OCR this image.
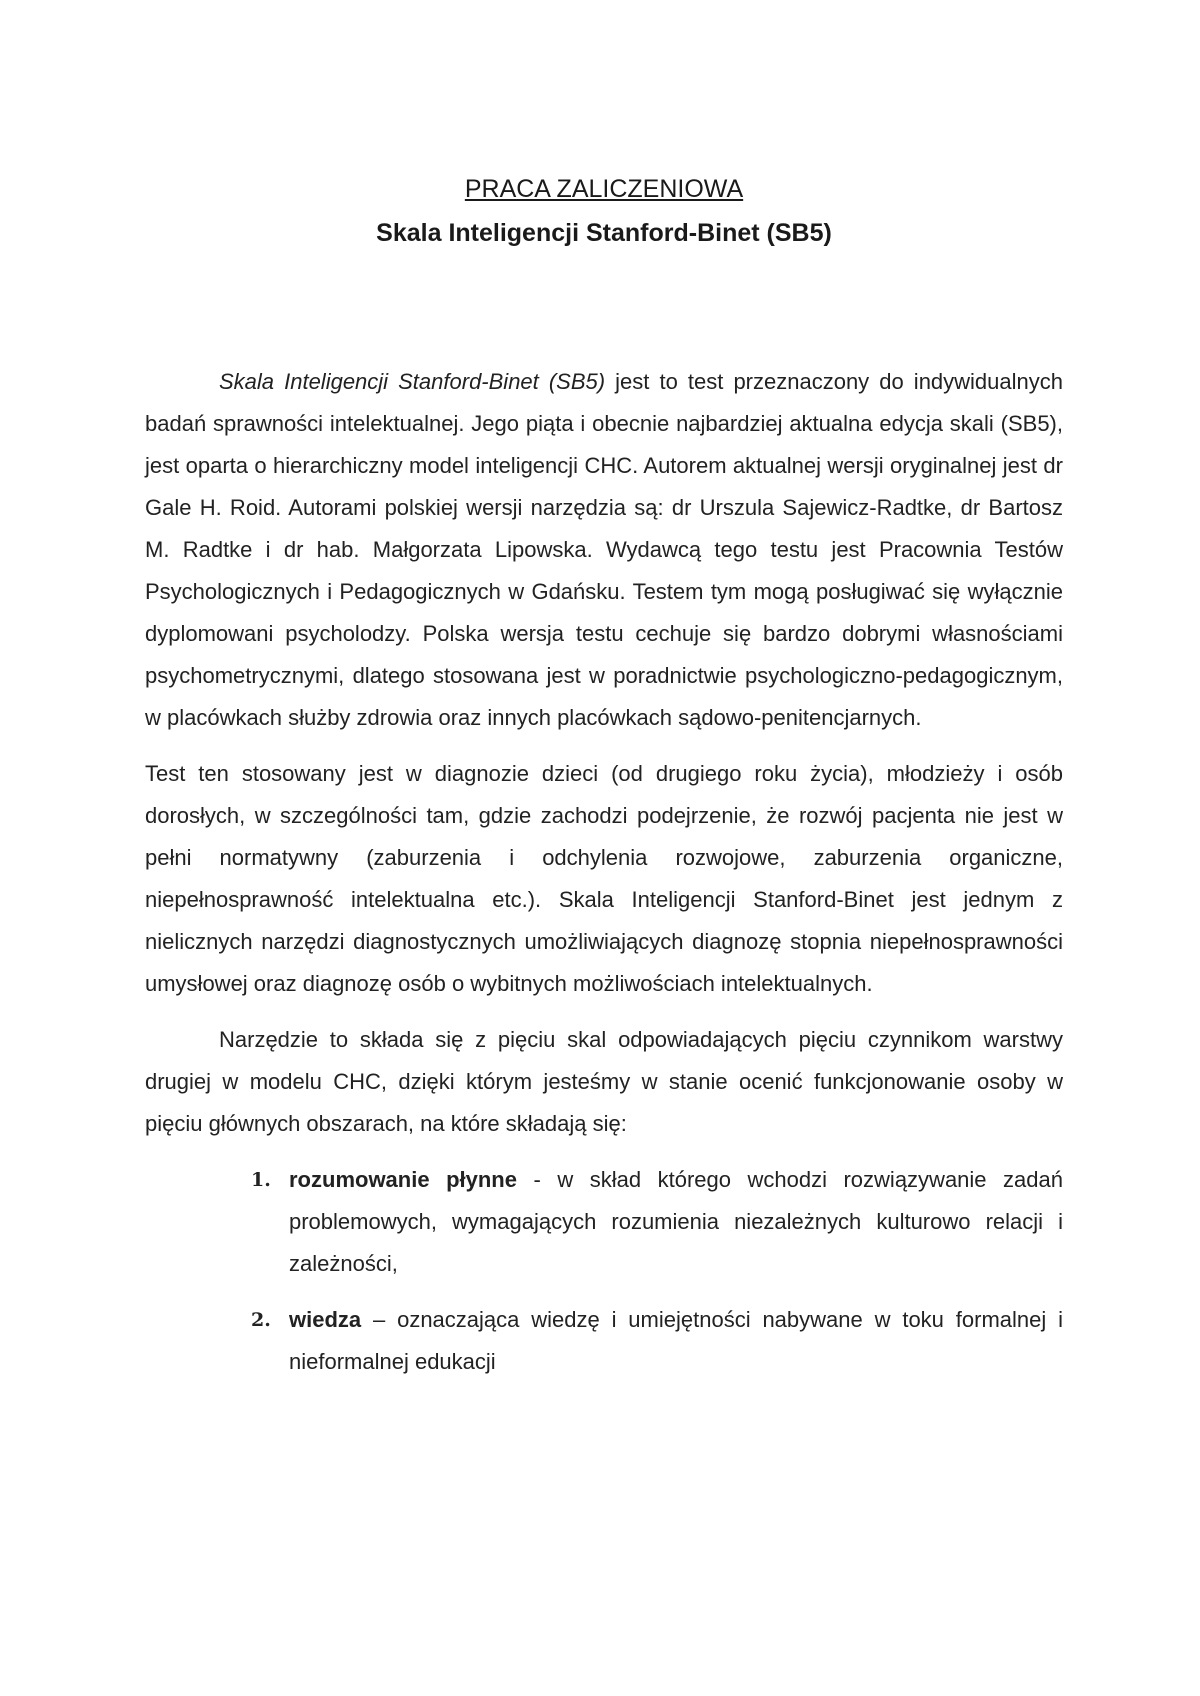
PRACA ZALICZENIOWA
Skala Inteligencji Stanford-Binet (SB5)

Skala Inteligencji Stanford-Binet (SB5) jest to test przeznaczony do indywidualnych badań sprawności intelektualnej. Jego piąta i obecnie najbardziej aktualna edycja skali (SB5), jest oparta o hierarchiczny model inteligencji CHC. Autorem aktualnej wersji oryginalnej jest dr Gale H. Roid. Autorami polskiej wersji narzędzia są: dr Urszula Sajewicz-Radtke, dr Bartosz M. Radtke i dr hab. Małgorzata Lipowska. Wydawcą tego testu jest Pracownia Testów Psychologicznych i Pedagogicznych w Gdańsku. Testem tym mogą posługiwać się wyłącznie dyplomowani psycholodzy. Polska wersja testu cechuje się bardzo dobrymi własnościami psychometrycznymi, dlatego stosowana jest w poradnictwie psychologiczno-pedagogicznym, w placówkach służby zdrowia oraz innych placówkach sądowo-penitencjarnych.

Test ten stosowany jest w diagnozie dzieci (od drugiego roku życia), młodzieży i osób dorosłych, w szczególności tam, gdzie zachodzi podejrzenie, że rozwój pacjenta nie jest w pełni normatywny (zaburzenia i odchylenia rozwojowe, zaburzenia organiczne, niepełnosprawność intelektualna etc.). Skala Inteligencji Stanford-Binet jest jednym z nielicznych narzędzi diagnostycznych umożliwiających diagnozę stopnia niepełnosprawności umysłowej oraz diagnozę osób o wybitnych możliwościach intelektualnych.

Narzędzie to składa się z pięciu skal odpowiadających pięciu czynnikom warstwy drugiej w modelu CHC, dzięki którym jesteśmy w stanie ocenić funkcjonowanie osoby w pięciu głównych obszarach, na które składają się:

1. rozumowanie płynne - w skład którego wchodzi rozwiązywanie zadań problemowych, wymagających rozumienia niezależnych kulturowo relacji i zależności,
2. wiedza – oznaczająca wiedzę i umiejętności nabywane w toku formalnej i nieformalnej edukacji
